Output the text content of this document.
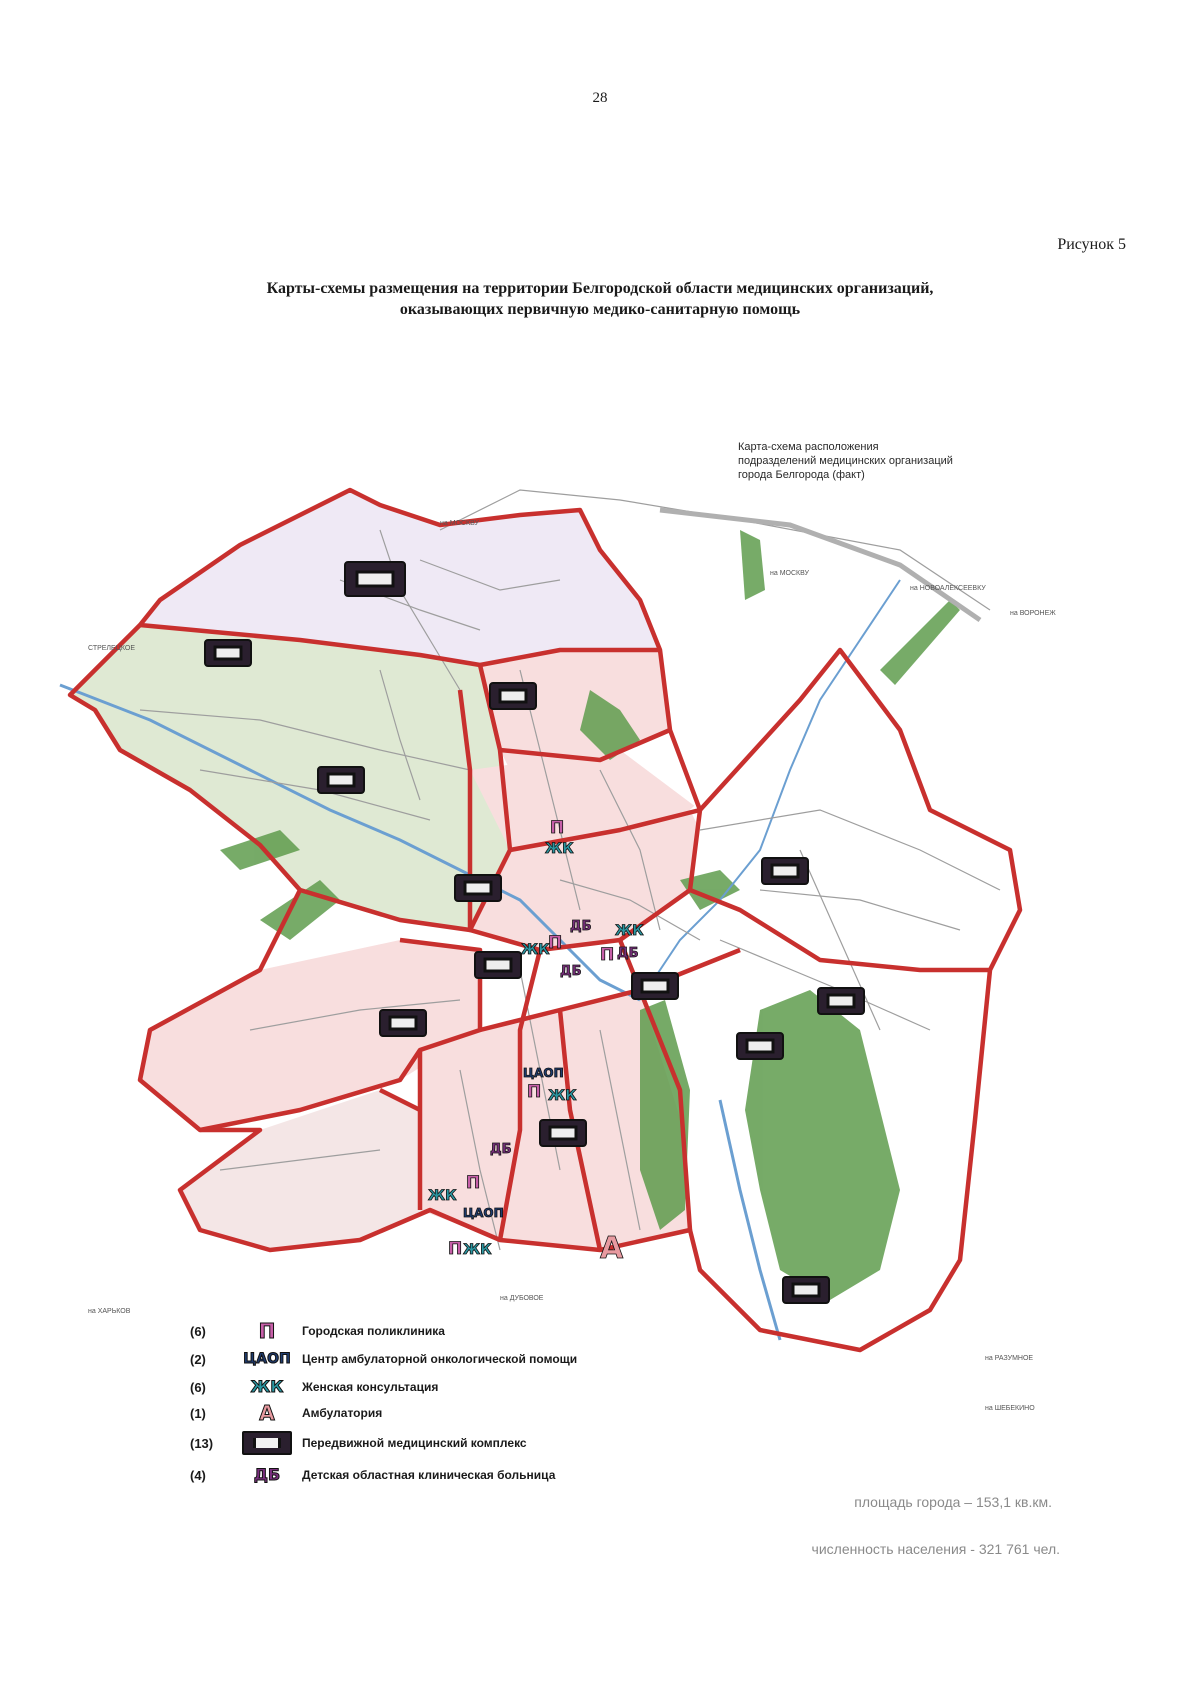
28
Рисунок 5
Карты-схемы размещения на территории Белгородской области медицинских организаций,
оказывающих первичную медико-санитарную помощь
Карта-схема расположения
подразделений медицинских организаций
города Белгорода (факт)
на МОСКВУ
на МОСКВУ
на НОВОАЛЕКСЕЕВКУ
на ВОРОНЕЖ
СТРЕЛЕЦКОЕ
на ХАРЬКОВ
на ДУБОВОЕ
на РАЗУМНОЕ
на ШЕБЕКИНО
П
П
П
П
П
П
ЖК
ЖК
ЖК
ЖК
ЖК
ЖК
ДБ
ДБ
ДБ
ДБ
ЦАОП
ЦАОП
А
(6)	П Городская поликлиника
(2)	ЦАОП Центр амбулаторной онкологической помощи
(6)	ЖК Женская консультация
(1)	А Амбулатория
(13)	Передвижной медицинский комплекс
(4)	ДБ Детская областная клиническая больница
площадь города – 153,1 кв.км.
численность населения - 321 761 чел.
